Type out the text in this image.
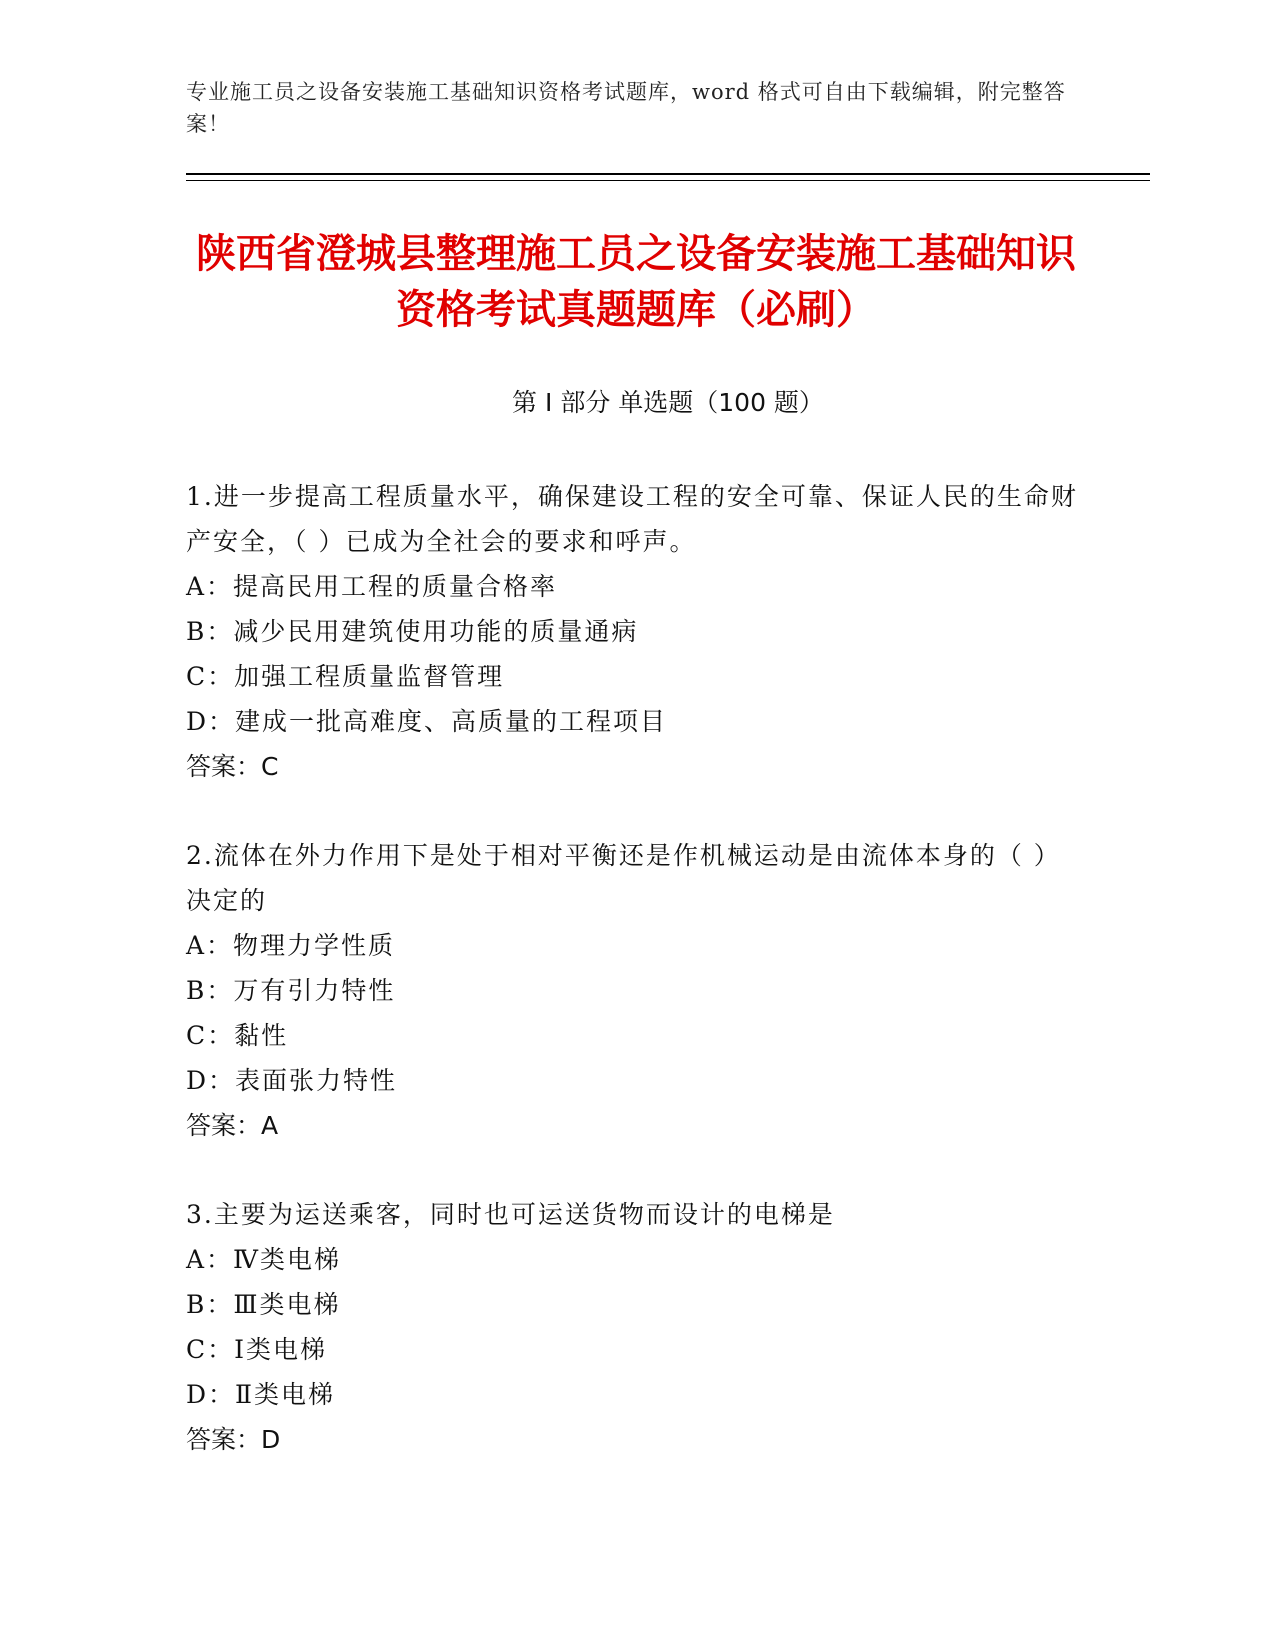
专业施工员之设备安装施工基础知识资格考试题库，word 格式可自由下载编辑，附完整答案！
陕西省澄城县整理施工员之设备安装施工基础知识资格考试真题题库（必刷）
第 I 部分 单选题（100 题）
1.进一步提高工程质量水平，确保建设工程的安全可靠、保证人民的生命财产安全，（ ）已成为全社会的要求和呼声。
A：提高民用工程的质量合格率
B：减少民用建筑使用功能的质量通病
C：加强工程质量监督管理
D：建成一批高难度、高质量的工程项目
答案：C
2.流体在外力作用下是处于相对平衡还是作机械运动是由流体本身的（ ）决定的
A：物理力学性质
B：万有引力特性
C：黏性
D：表面张力特性
答案：A
3.主要为运送乘客，同时也可运送货物而设计的电梯是
A：Ⅳ类电梯
B：Ⅲ类电梯
C：Ⅰ类电梯
D：Ⅱ类电梯
答案：D
